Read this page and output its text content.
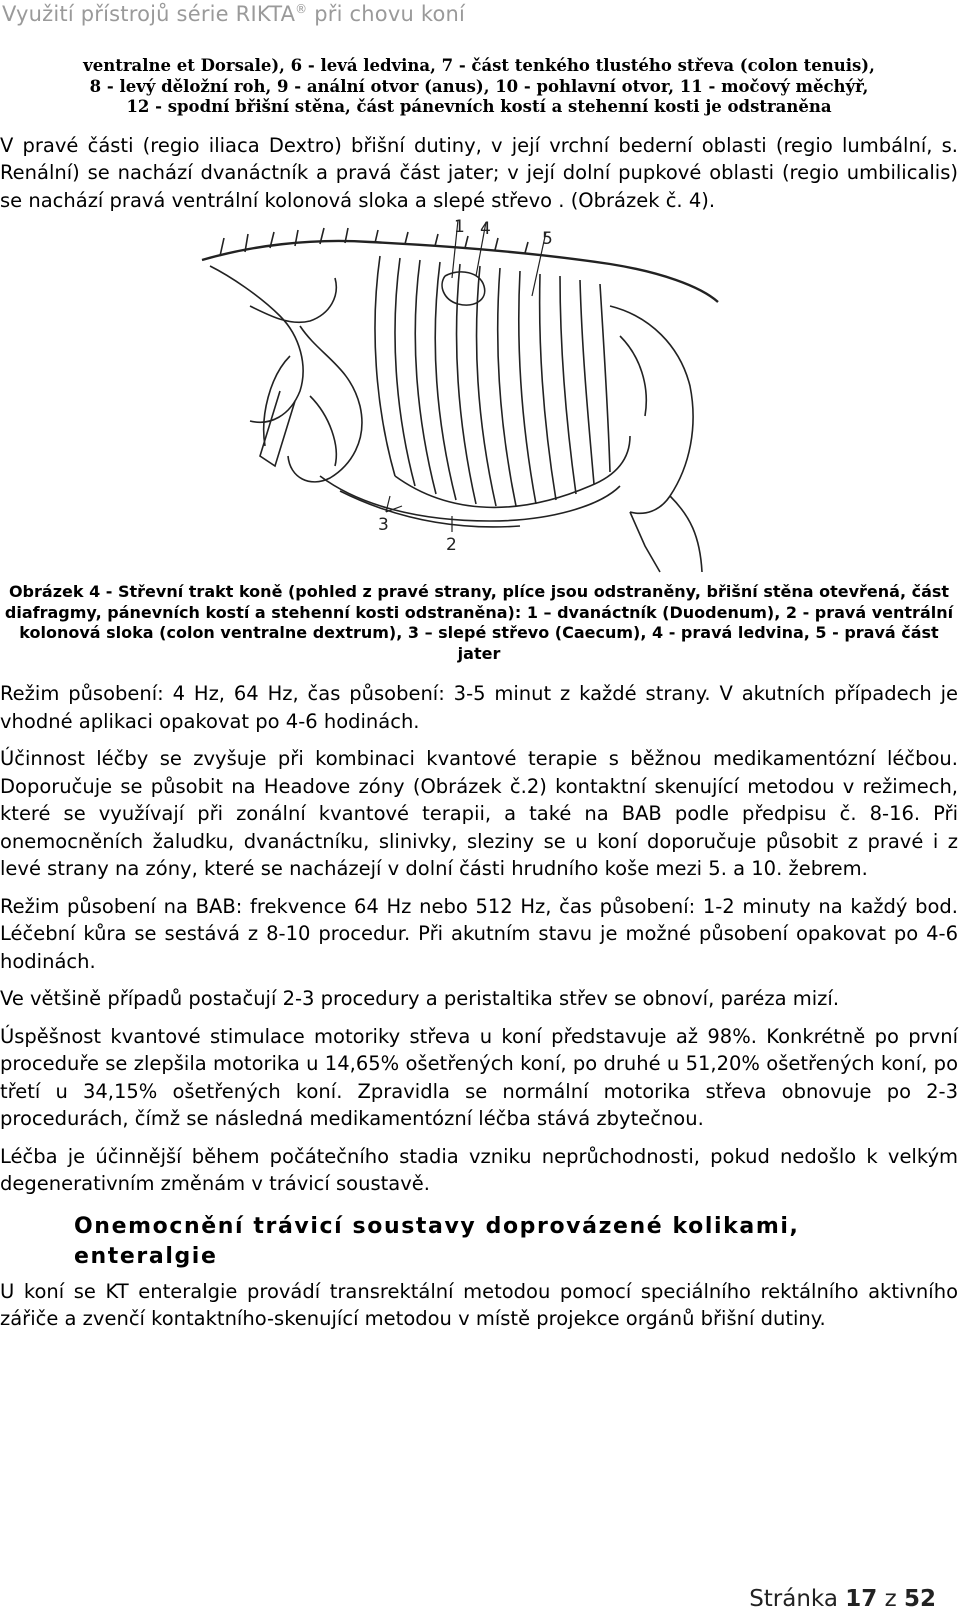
Využití přístrojů série RIKTA® při chovu koní

ventralne et Dorsale), 6 - levá ledvina, 7 - část tenkého tlustého střeva (colon tenuis),

8 - levý děložní roh, 9 - anální otvor (anus), 10 - pohlavní otvor, 11 - močový měchýř,

12 - spodní břišní stěna, část pánevních kostí a stehenní kosti je odstraněna

V pravé části (regio iliaca Dextro) břišní dutiny, v její vrchní bederní oblasti (regio lumbální, s. Renální) se nachází dvanáctník a pravá část jater; v její dolní pupkové oblasti (regio umbilicalis) se nachází pravá ventrální kolonová sloka a slepé střevo . (Obrázek č. 4).

1 4	5
3
2

Obrázek 4 - Střevní trakt koně (pohled z pravé strany, plíce jsou odstraněny, břišní stěna otevřená, část diafragmy, pánevních kostí a stehenní kosti odstraněna): 1 – dvanáctník (Duodenum), 2 - pravá ventrální kolonová sloka (colon ventralne dextrum), 3 – slepé střevo (Caecum), 4 - pravá ledvina, 5 - pravá část jater

Režim působení: 4 Hz, 64 Hz, čas působení: 3-5 minut z každé strany. V akutních případech je vhodné aplikaci opakovat po 4-6 hodinách.

Účinnost léčby se zvyšuje při kombinaci kvantové terapie s běžnou medikamentózní léčbou. Doporučuje se působit na Headove zóny (Obrázek č.2) kontaktní skenující metodou v režimech, které se využívají při zonální kvantové terapii, a také na BAB podle předpisu č. 8-16. Při onemocněních žaludku, dvanáctníku, slinivky, sleziny se u koní doporučuje působit z pravé i z levé strany na zóny, které se nacházejí v dolní části hrudního koše mezi 5. a 10. žebrem.

Režim působení na BAB: frekvence 64 Hz nebo 512 Hz, čas působení: 1-2 minuty na každý bod. Léčební kůra se sestává z 8-10 procedur. Při akutním stavu je možné působení opakovat po 4-6 hodinách.

Ve většině případů postačují 2-3 procedury a peristaltika střev se obnoví, paréza mizí.

Úspěšnost kvantové stimulace motoriky střeva u koní představuje až 98%. Konkrétně po první proceduře se zlepšila motorika u 14,65% ošetřených koní, po druhé u 51,20% ošetřených koní, po třetí u 34,15% ošetřených koní. Zpravidla se normální motorika střeva obnovuje po 2-3 procedurách, čímž se následná medikamentózní léčba stává zbytečnou.

Léčba je účinnější během počátečního stadia vzniku neprůchodnosti, pokud nedošlo k velkým degenerativním změnám v trávicí soustavě.

Onemocnění trávicí soustavy doprovázené kolikami,
enteralgie

U koní se KT enteralgie provádí transrektální metodou pomocí speciálního rektálního aktivního zářiče a zvenčí kontaktního-skenující metodou v místě projekce orgánů břišní dutiny.

Stránka 17 z 52
